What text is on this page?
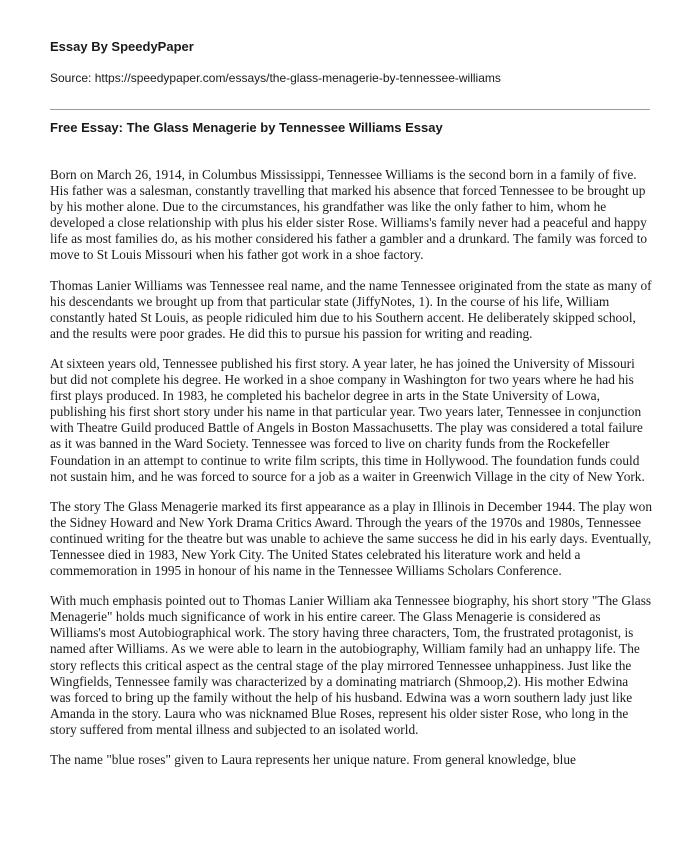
Essay By SpeedyPaper

Source: https://speedypaper.com/essays/the-glass-menagerie-by-tennessee-williams

Free Essay: The Glass Menagerie by Tennessee Williams Essay

Born on March 26, 1914, in Columbus Mississippi, Tennessee Williams is the second born in a family of five. His father was a salesman, constantly travelling that marked his absence that forced Tennessee to be brought up by his mother alone. Due to the circumstances, his grandfather was like the only father to him, whom he developed a close relationship with plus his elder sister Rose. Williams's family never had a peaceful and happy life as most families do, as his mother considered his father a gambler and a drunkard. The family was forced to move to St Louis Missouri when his father got work in a shoe factory.

Thomas Lanier Williams was Tennessee real name, and the name Tennessee originated from the state as many of his descendants we brought up from that particular state (JiffyNotes, 1). In the course of his life, William constantly hated St Louis, as people ridiculed him due to his Southern accent. He deliberately skipped school, and the results were poor grades. He did this to pursue his passion for writing and reading.

At sixteen years old, Tennessee published his first story. A year later, he has joined the University of Missouri but did not complete his degree. He worked in a shoe company in Washington for two years where he had his first plays produced. In 1983, he completed his bachelor degree in arts in the State University of Lowa, publishing his first short story under his name in that particular year. Two years later, Tennessee in conjunction with Theatre Guild produced Battle of Angels in Boston Massachusetts. The play was considered a total failure as it was banned in the Ward Society. Tennessee was forced to live on charity funds from the Rockefeller Foundation in an attempt to continue to write film scripts, this time in Hollywood. The foundation funds could not sustain him, and he was forced to source for a job as a waiter in Greenwich Village in the city of New York.

The story The Glass Menagerie marked its first appearance as a play in Illinois in December 1944. The play won the Sidney Howard and New York Drama Critics Award. Through the years of the 1970s and 1980s, Tennessee continued writing for the theatre but was unable to achieve the same success he did in his early days. Eventually, Tennessee died in 1983, New York City. The United States celebrated his literature work and held a commemoration in 1995 in honour of his name in the Tennessee Williams Scholars Conference.

With much emphasis pointed out to Thomas Lanier William aka Tennessee biography, his short story "The Glass Menagerie" holds much significance of work in his entire career. The Glass Menagerie is considered as Williams's most Autobiographical work. The story having three characters, Tom, the frustrated protagonist, is named after Williams. As we were able to learn in the autobiography, William family had an unhappy life. The story reflects this critical aspect as the central stage of the play mirrored Tennessee unhappiness. Just like the Wingfields, Tennessee family was characterized by a dominating matriarch (Shmoop,2). His mother Edwina was forced to bring up the family without the help of his husband. Edwina was a worn southern lady just like Amanda in the story. Laura who was nicknamed Blue Roses, represent his older sister Rose, who long in the story suffered from mental illness and subjected to an isolated world.

The name "blue roses" given to Laura represents her unique nature. From general knowledge, blue
